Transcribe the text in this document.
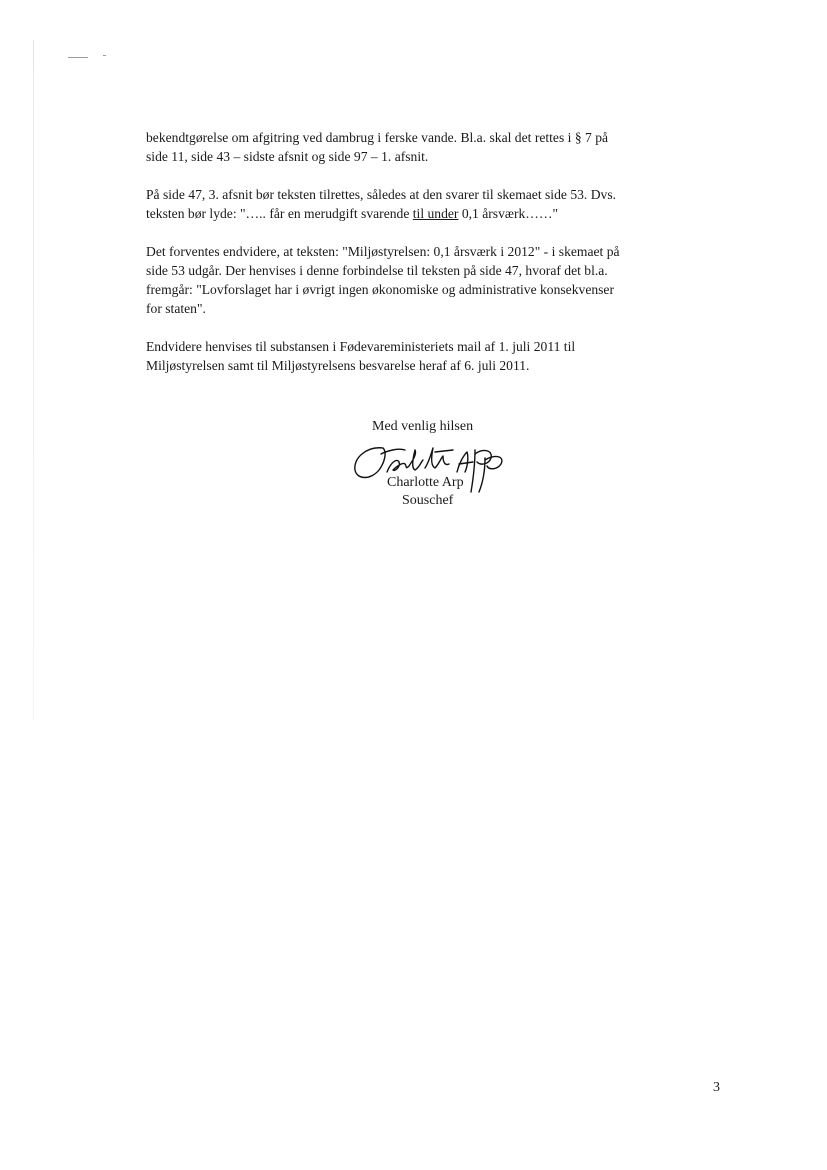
bekendtgørelse om afgitring ved dambrug i ferske vande. Bl.a. skal det rettes i § 7 på
side 11, side 43 – sidste afsnit og side 97 – 1. afsnit.

På side 47, 3. afsnit bør teksten tilrettes, således at den svarer til skemaet side 53. Dvs.
teksten bør lyde: "….. får en merudgift svarende til under 0,1 årsværk……"

Det forventes endvidere, at teksten: "Miljøstyrelsen: 0,1 årsværk i 2012" - i skemaet på
side 53 udgår. Der henvises i denne forbindelse til teksten på side 47, hvoraf det bl.a.
fremgår: "Lovforslaget har i øvrigt ingen økonomiske og administrative konsekvenser
for staten".

Endvidere henvises til substansen i Fødevareministeriets mail af 1. juli 2011 til
Miljøstyrelsen samt til Miljøstyrelsens besvarelse heraf af 6. juli 2011.

Med venlig hilsen
Charlotte Arp
Souschef
3
